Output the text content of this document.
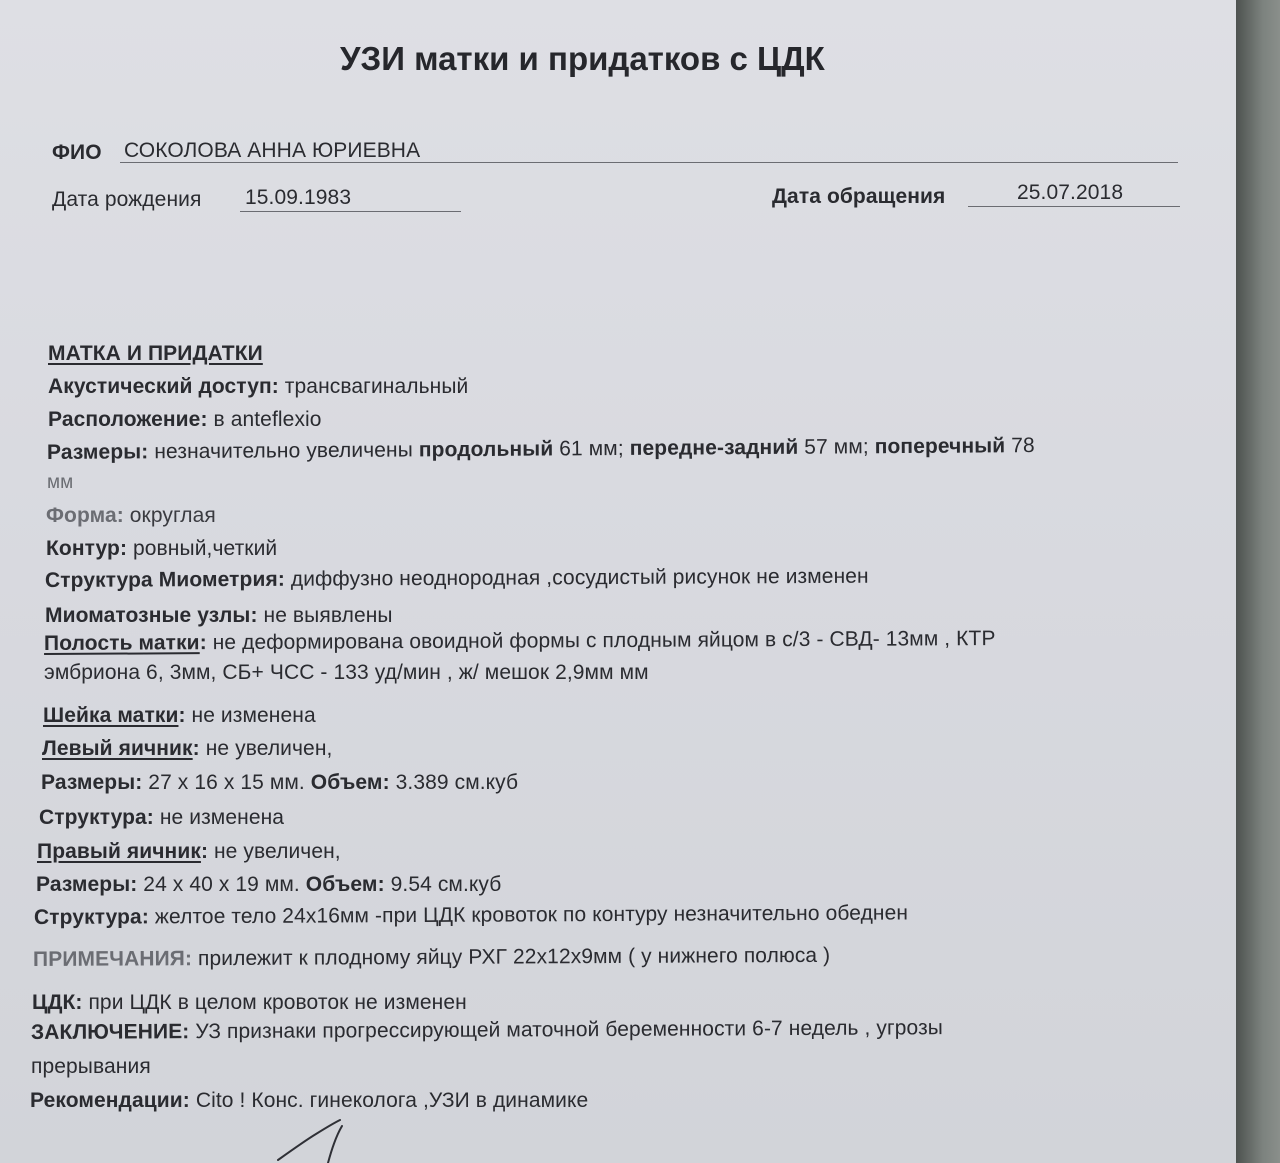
УЗИ матки и придатков с ЦДК
ФИО СОКОЛОВА АННА ЮРИЕВНА
Дата рождения 15.09.1983	Дата обращения	25.07.2018
МАТКА И ПРИДАТКИ
Акустический доступ: трансвагинальный
Расположение: в anteflexio
Размеры: незначительно увеличены продольный 61 мм; передне-задний 57 мм; поперечный 78
мм
Форма: округлая
Контур: ровный,четкий
Структура Миометрия: диффузно неоднородная ,сосудистый рисунок не изменен
Миоматозные узлы: не выявлены
Полость матки: не деформирована овоидной формы с плодным яйцом в с/3 - СВД- 13мм , КТР
эмбриона 6, 3мм, СБ+ ЧСС - 133 уд/мин , ж/ мешок 2,9мм мм
Шейка матки: не изменена
Левый яичник: не увеличен,
Размеры: 27 х 16 х 15 мм. Объем: 3.389 см.куб
Структура: не изменена
Правый яичник: не увеличен,
Размеры: 24 х 40 х 19 мм. Объем: 9.54 см.куб
Структура: желтое тело 24х16мм -при ЦДК кровоток по контуру незначительно обеднен
ПРИМЕЧАНИЯ: прилежит к плодному яйцу РХГ 22х12х9мм ( у нижнего полюса )
ЦДК: при ЦДК в целом кровоток не изменен
ЗАКЛЮЧЕНИЕ: УЗ признаки прогрессирующей маточной беременности 6-7 недель , угрозы
прерывания
Рекомендации: Cito ! Конс. гинеколога ,УЗИ в динамике
